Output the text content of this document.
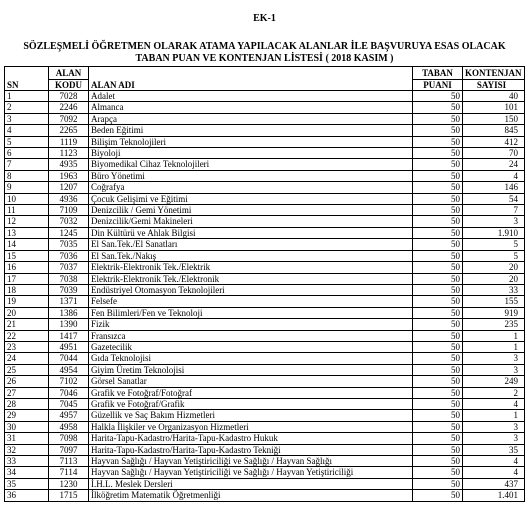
EK-1
SÖZLEŞMELİ ÖĞRETMEN OLARAK ATAMA YAPILACAK ALANLAR İLE BAŞVURUYA ESAS OLACAK
TABAN PUAN VE KONTENJAN LİSTESİ ( 2018 KASIM )
SN	ALAN	ALAN ADI	TABAN	KONTENJAN
	KODU		PUANI	SAYISI
1	7028	Adalet	50	40
2	2246	Almanca	50	101
3	7092	Arapça	50	150
4	2265	Beden Eğitimi	50	845
5	1119	Bilişim Teknolojileri	50	412
6	1123	Biyoloji	50	70
7	4935	Biyomedikal Cihaz Teknolojileri	50	24
8	1963	Büro Yönetimi	50	4
9	1207	Coğrafya	50	146
10	4936	Çocuk Gelişimi ve Eğitimi	50	54
11	7109	Denizcilik / Gemi Yönetimi	50	7
12	7032	Denizcilik/Gemi Makineleri	50	3
13	1245	Din Kültürü ve Ahlak Bilgisi	50	1.910
14	7035	El San.Tek./El Sanatları	50	5
15	7036	El San.Tek./Nakış	50	5
16	7037	Elektrik-Elektronik Tek./Elektrik	50	20
17	7038	Elektrik-Elektronik Tek./Elektronik	50	20
18	7039	Endüstriyel Otomasyon Teknolojileri	50	33
19	1371	Felsefe	50	155
20	1386	Fen Bilimleri/Fen ve Teknoloji	50	919
21	1390	Fizik	50	235
22	1417	Fransızca	50	1
23	4951	Gazetecilik	50	1
24	7044	Gıda Teknolojisi	50	3
25	4954	Giyim Üretim Teknolojisi	50	3
26	7102	Görsel Sanatlar	50	249
27	7046	Grafik ve Fotoğraf/Fotoğraf	50	2
28	7045	Grafik ve Fotoğraf/Grafik	50	4
29	4957	Güzellik ve Saç Bakım Hizmetleri	50	1
30	4958	Halkla İlişkiler ve Organizasyon Hizmetleri	50	3
31	7098	Harita-Tapu-Kadastro/Harita-Tapu-Kadastro Hukuk	50	3
32	7097	Harita-Tapu-Kadastro/Harita-Tapu-Kadastro Tekniği	50	35
33	7113	Hayvan Sağlığı / Hayvan Yetiştiriciliği ve Sağlığı / Hayvan Sağlığı	50	4
34	7114	Hayvan Sağlığı / Hayvan Yetiştiriciliği ve Sağlığı / Hayvan Yetiştiriciliği	50	4
35	1230	İ.H.L. Meslek Dersleri	50	437
36	1715	İlköğretim Matematik Öğretmenliği	50	1.401
